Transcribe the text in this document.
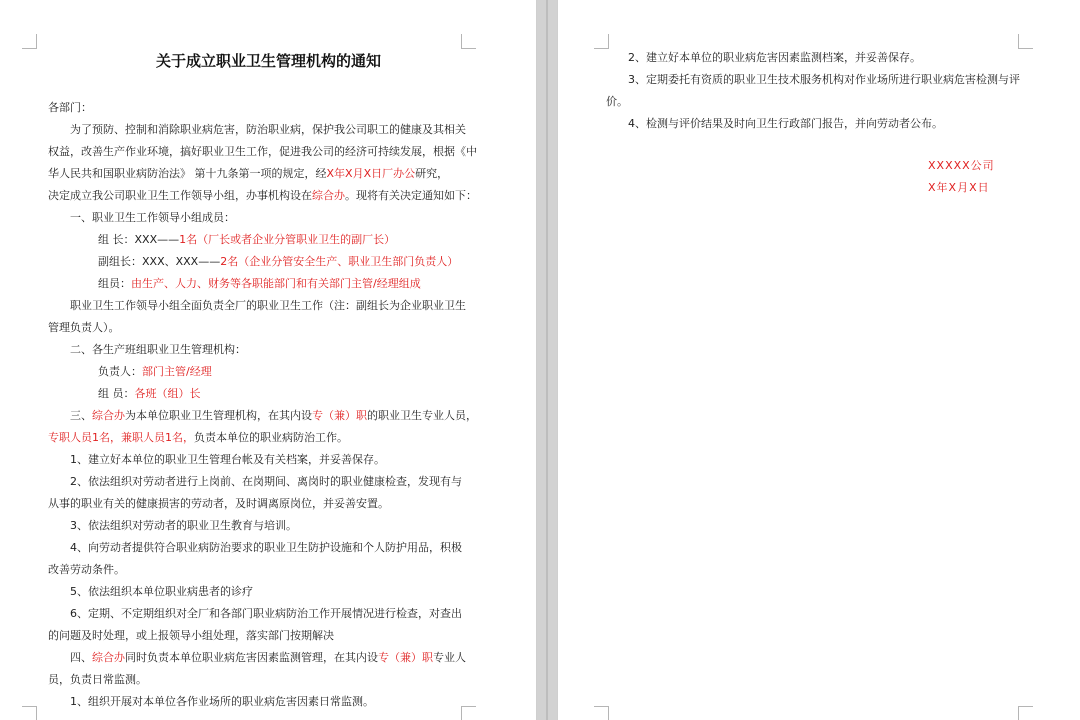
关于成立职业卫生管理机构的通知
各部门：
为了预防、控制和消除职业病危害，防治职业病，保护我公司职工的健康及其相关
权益，改善生产作业环境，搞好职业卫生工作，促进我公司的经济可持续发展，根据《中
华人民共和国职业病防治法》 第十九条第一项的规定，经X年X月X日厂办公研究，
决定成立我公司职业卫生工作领导小组，办事机构设在综合办。现将有关决定通知如下：
一、职业卫生工作领导小组成员：
组 长：XXX——1名（厂长或者企业分管职业卫生的副厂长）
副组长：XXX、XXX——2名（企业分管安全生产、职业卫生部门负责人）
组员：由生产、人力、财务等各职能部门和有关部门主管/经理组成
职业卫生工作领导小组全面负责全厂的职业卫生工作（注：副组长为企业职业卫生
管理负责人）。
二、各生产班组职业卫生管理机构：
负责人：部门主管/经理
组 员：各班（组）长
三、综合办为本单位职业卫生管理机构，在其内设专（兼）职的职业卫生专业人员，
专职人员1名，兼职人员1名，负责本单位的职业病防治工作。
1、建立好本单位的职业卫生管理台帐及有关档案，并妥善保存。
2、依法组织对劳动者进行上岗前、在岗期间、离岗时的职业健康检查，发现有与
从事的职业有关的健康损害的劳动者，及时调离原岗位，并妥善安置。
3、依法组织对劳动者的职业卫生教育与培训。
4、向劳动者提供符合职业病防治要求的职业卫生防护设施和个人防护用品，积极
改善劳动条件。
5、依法组织本单位职业病患者的诊疗
6、定期、不定期组织对全厂和各部门职业病防治工作开展情况进行检查，对查出
的问题及时处理，或上报领导小组处理，落实部门按期解决
四、综合办同时负责本单位职业病危害因素监测管理，在其内设专（兼）职专业人
员，负责日常监测。
1、组织开展对本单位各作业场所的职业病危害因素日常监测。
2、建立好本单位的职业病危害因素监测档案，并妥善保存。
3、定期委托有资质的职业卫生技术服务机构对作业场所进行职业病危害检测与评
价。
4、检测与评价结果及时向卫生行政部门报告，并向劳动者公布。
XXXXX公司
X年X月X日
